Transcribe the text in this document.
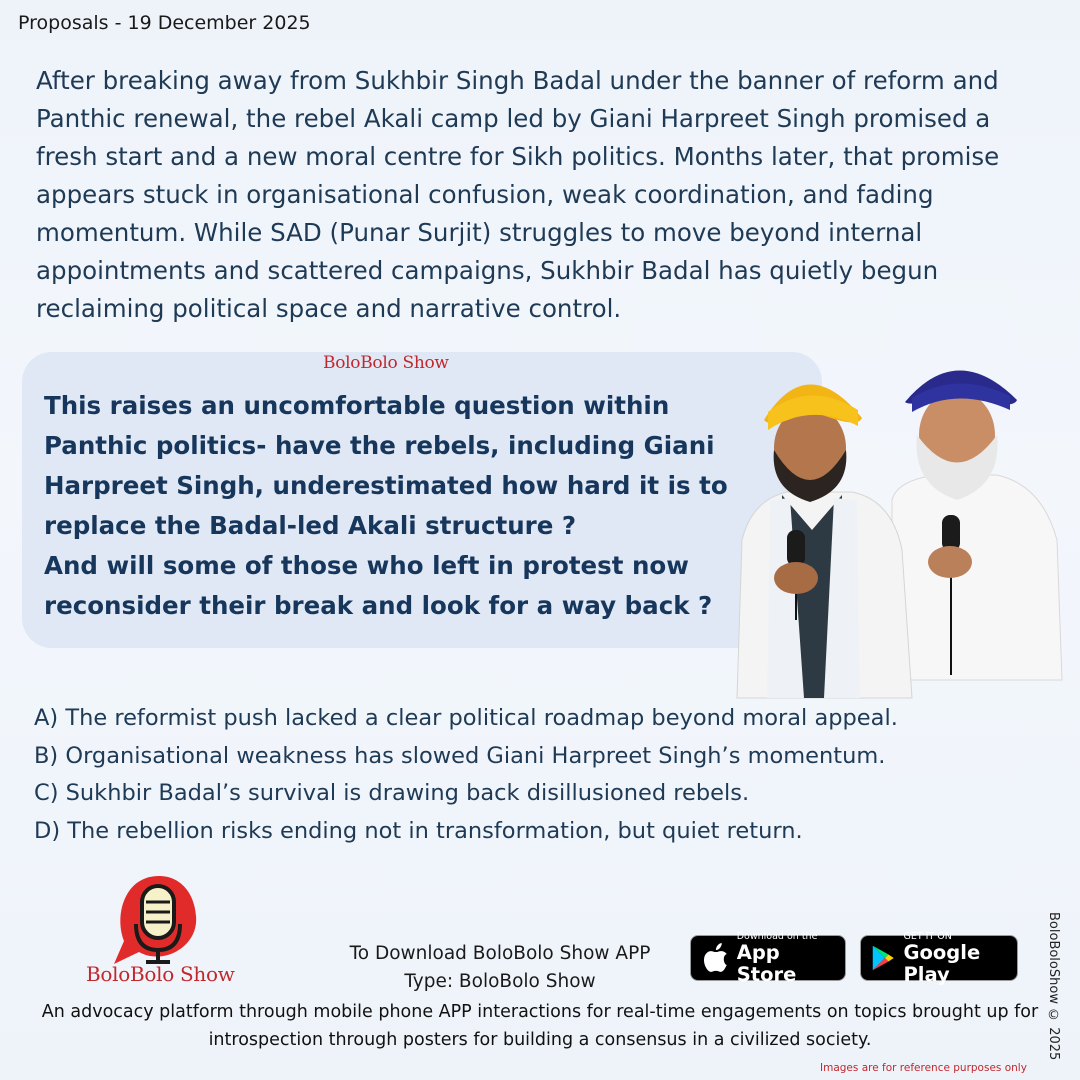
Proposals - 19 December 2025

After breaking away from Sukhbir Singh Badal under the banner of reform and Panthic renewal, the rebel Akali camp led by Giani Harpreet Singh promised a fresh start and a new moral centre for Sikh politics. Months later, that promise appears stuck in organisational confusion, weak coordination, and fading momentum. While SAD (Punar Surjit) struggles to move beyond internal appointments and scattered campaigns, Sukhbir Badal has quietly begun reclaiming political space and narrative control.

BoloBolo Show

This raises an uncomfortable question within Panthic politics- have the rebels, including Giani Harpreet Singh, underestimated how hard it is to replace the Badal-led Akali structure ?

And will some of those who left in protest now reconsider their break and look for a way back ?

A) The reformist push lacked a clear political roadmap beyond moral appeal.
B) Organisational weakness has slowed Giani Harpreet Singh’s momentum.
C) Sukhbir Badal’s survival is drawing back disillusioned rebels.
D) The rebellion risks ending not in transformation, but quiet return.
BoloBolo Show
To Download BoloBolo Show APP
Type: BoloBolo Show
Download on the
App Store
GET IT ON
Google Play

An advocacy platform through mobile phone APP interactions for real-time engagements on topics brought up for introspection through posters for building a consensus in a civilized society.

Images are for reference purposes only
BoloBoloShow © 2025
